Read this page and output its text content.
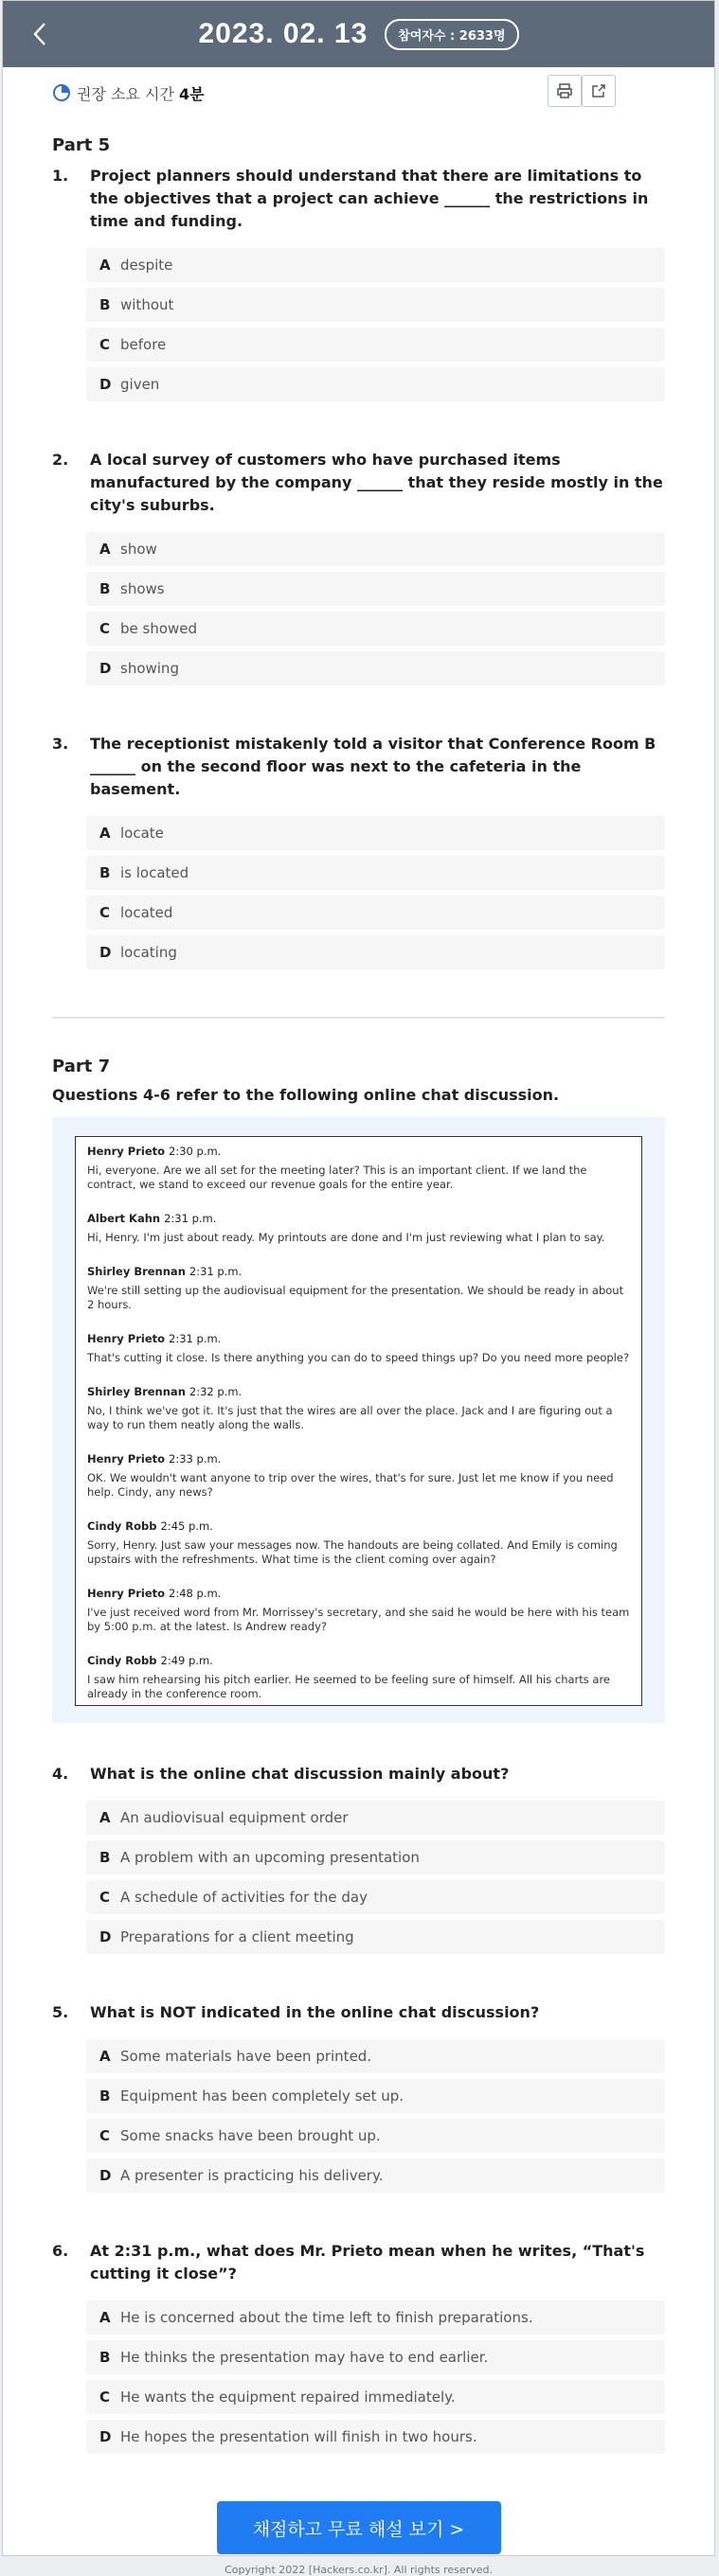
2023. 02. 13	참여자수 : 2633명
권장 소요 시간 4분
Part 5
1.	Project planners should understand that there are limitations to the objectives that a project can achieve ______ the restrictions in time and funding.
A despite
B without
C before
D given
2.	A local survey of customers who have purchased items manufactured by the company ______ that they reside mostly in the city's suburbs.
A show
B shows
C be showed
D showing
3.	The receptionist mistakenly told a visitor that Conference Room B ______ on the second floor was next to the cafeteria in the basement.
A locate
B is located
C located
D locating
Part 7
Questions 4-6 refer to the following online chat discussion.
Henry Prieto 2:30 p.m.
Hi, everyone. Are we all set for the meeting later? This is an important client. If we land the contract, we stand to exceed our revenue goals for the entire year.
Albert Kahn 2:31 p.m.
Hi, Henry. I'm just about ready. My printouts are done and I'm just reviewing what I plan to say.
Shirley Brennan 2:31 p.m.
We're still setting up the audiovisual equipment for the presentation. We should be ready in about 2 hours.
Henry Prieto 2:31 p.m.
That's cutting it close. Is there anything you can do to speed things up? Do you need more people?
Shirley Brennan 2:32 p.m.
No, I think we've got it. It's just that the wires are all over the place. Jack and I are figuring out a way to run them neatly along the walls.
Henry Prieto 2:33 p.m.
OK. We wouldn't want anyone to trip over the wires, that's for sure. Just let me know if you need help. Cindy, any news?
Cindy Robb 2:45 p.m.
Sorry, Henry. Just saw your messages now. The handouts are being collated. And Emily is coming upstairs with the refreshments. What time is the client coming over again?
Henry Prieto 2:48 p.m.
I've just received word from Mr. Morrissey's secretary, and she said he would be here with his team by 5:00 p.m. at the latest. Is Andrew ready?
Cindy Robb 2:49 p.m.
I saw him rehearsing his pitch earlier. He seemed to be feeling sure of himself. All his charts are already in the conference room.
4.	What is the online chat discussion mainly about?
A An audiovisual equipment order
B A problem with an upcoming presentation
C A schedule of activities for the day
D Preparations for a client meeting
5.	What is NOT indicated in the online chat discussion?
A Some materials have been printed.
B Equipment has been completely set up.
C Some snacks have been brought up.
D A presenter is practicing his delivery.
6.	At 2:31 p.m., what does Mr. Prieto mean when he writes, “That's cutting it close”?
A He is concerned about the time left to finish preparations.
B He thinks the presentation may have to end earlier.
C He wants the equipment repaired immediately.
D He hopes the presentation will finish in two hours.
채점하고 무료 해설 보기 >
Copyright 2022 [Hackers.co.kr]. All rights reserved.
